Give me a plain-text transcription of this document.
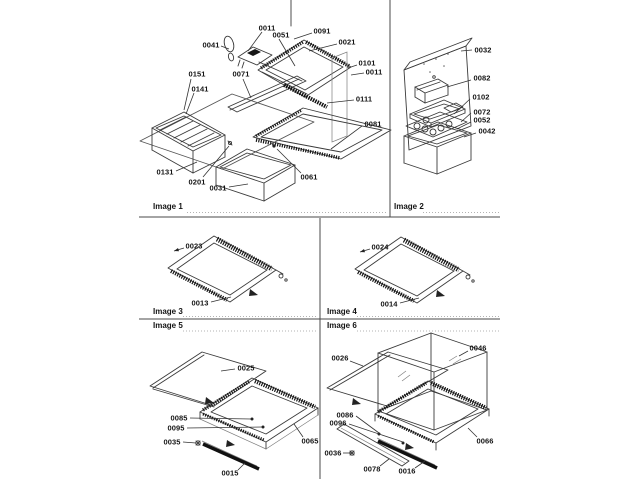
Image 1
0041
0011
0051	0091
0021
0101
0011
0071
0111
0081
0151
0141
0131
0201
0031
0061
Image 2
0032
0082
0102
0072
0052
0042
Image 3
0023
0013
Image 4
0024
0014
Image 5
0025
0085
0095
0035	0065
0015
Image 6
0026
0046
0086
0096
0036
0078 0016
0066
